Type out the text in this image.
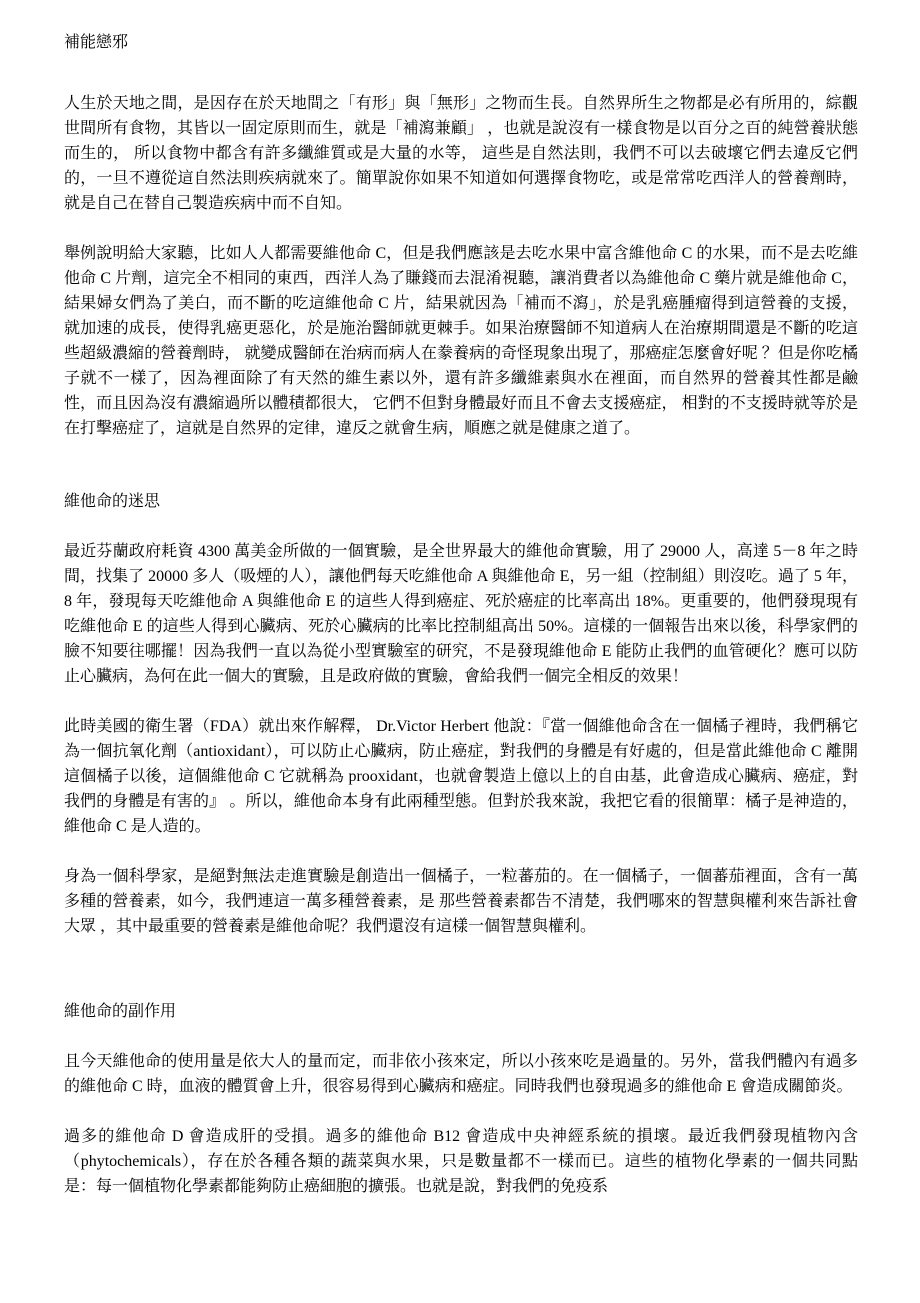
補能戀邪

人生於天地之間，是因存在於天地間之「有形」與「無形」之物而生長。自然界所生之物都是必有所用的，綜觀世間所有食物，其皆以一固定原則而生，就是「補瀉兼顧」 ，也就是說沒有一樣食物是以百分之百的純營養狀態而生的， 所以食物中都含有許多纖維質或是大量的水等， 這些是自然法則，我們不可以去破壞它們去違反它們的，一旦不遵從這自然法則疾病就來了。簡單說你如果不知道如何選擇食物吃，或是常常吃西洋人的營養劑時，就是自己在替自己製造疾病中而不自知。

舉例說明給大家聽，比如人人都需要維他命 C，但是我們應該是去吃水果中富含維他命 C 的水果，而不是去吃維他命 C 片劑，這完全不相同的東西，西洋人為了賺錢而去混淆視聽，讓消費者以為維他命 C 藥片就是維他命 C，結果婦女們為了美白，而不斷的吃這維他命 C 片，結果就因為「補而不瀉」，於是乳癌腫瘤得到這營養的支援，就加速的成長，使得乳癌更惡化，於是施治醫師就更棘手。如果治療醫師不知道病人在治療期間還是不斷的吃這些超級濃縮的營養劑時， 就變成醫師在治病而病人在豢養病的奇怪現象出現了，那癌症怎麼會好呢 ？但是你吃橘子就不一樣了，因為裡面除了有天然的維生素以外，還有許多纖維素與水在裡面，而自然界的營養其性都是鹼性，而且因為沒有濃縮過所以體積都很大， 它們不但對身體最好而且不會去支援癌症， 相對的不支援時就等於是在打擊癌症了，這就是自然界的定律，違反之就會生病，順應之就是健康之道了。

維他命的迷思

最近芬蘭政府耗資 4300 萬美金所做的一個實驗，是全世界最大的維他命實驗，用了 29000 人，高達 5－8 年之時間，找集了 20000 多人（吸煙的人），讓他們每天吃維他命 A 與維他命 E，另一組（控制組）則沒吃。過了 5 年，8 年，發現每天吃維他命 A 與維他命 E 的這些人得到癌症、死於癌症的比率高出 18%。更重要的，他們發現現有吃維他命 E 的這些人得到心臟病、死於心臟病的比率比控制組高出 50%。這樣的一個報告出來以後，科學家們的臉不知要往哪擺！因為我們一直以為從小型實驗室的研究，不是發現維他命 E 能防止我們的血管硬化？應可以防止心臟病，為何在此一個大的實驗，且是政府做的實驗，會給我們一個完全相反的效果！

此時美國的衛生署（FDA）就出來作解釋， Dr.Victor Herbert 他說：『當一個維他命含在一個橘子裡時，我們稱它為一個抗氧化劑（antioxidant），可以防止心臟病，防止癌症，對我們的身體是有好處的，但是當此維他命 C 離開這個橘子以後，這個維他命 C 它就稱為 prooxidant，也就會製造上億以上的自由基，此會造成心臟病、癌症，對我們的身體是有害的』 。所以，維他命本身有此兩種型態。但對於我來說，我把它看的很簡單：橘子是神造的，維他命 C 是人造的。

身為一個科學家，是絕對無法走進實驗是創造出一個橘子，一粒蕃茄的。在一個橘子，一個蕃茄裡面，含有一萬多種的營養素，如今，我們連這一萬多種營養素，是 那些營養素都告不清楚，我們哪來的智慧與權利來告訴社會大眾 ，其中最重要的營養素是維他命呢？我們還沒有這樣一個智慧與權利。

維他命的副作用

且今天維他命的使用量是依大人的量而定，而非依小孩來定，所以小孩來吃是過量的。另外，當我們體內有過多的維他命 C 時，血液的體質會上升，很容易得到心臟病和癌症。同時我們也發現過多的維他命 E 會造成關節炎。

過多的維他命 D 會造成肝的受損。過多的維他命 B12 會造成中央神經系統的損壞。最近我們發現植物內含（phytochemicals），存在於各種各類的蔬菜與水果，只是數量都不一樣而已。這些的植物化學素的一個共同點是：每一個植物化學素都能夠防止癌細胞的擴張。也就是說，對我們的免疫系
